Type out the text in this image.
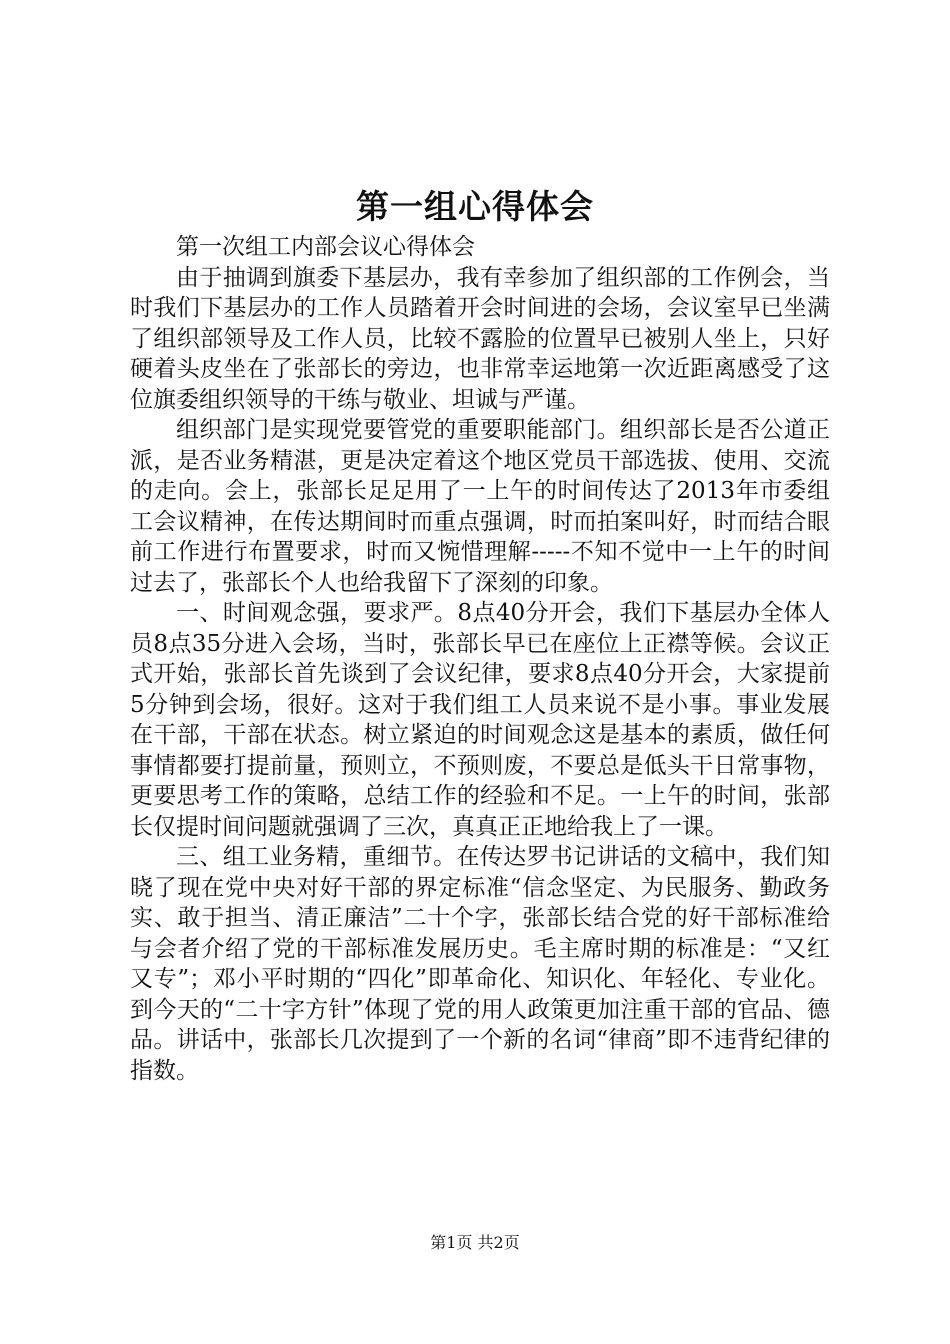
第一组心得体会

第一次组工内部会议心得体会

由于抽调到旗委下基层办，我有幸参加了组织部的工作例会，当时我们下基层办的工作人员踏着开会时间进的会场，会议室早已坐满了组织部领导及工作人员，比较不露脸的位置早已被别人坐上，只好硬着头皮坐在了张部长的旁边，也非常幸运地第一次近距离感受了这位旗委组织领导的干练与敬业、坦诚与严谨。

组织部门是实现党要管党的重要职能部门。组织部长是否公道正派，是否业务精湛，更是决定着这个地区党员干部选拔、使用、交流的走向。会上，张部长足足用了一上午的时间传达了2013年市委组工会议精神，在传达期间时而重点强调，时而拍案叫好，时而结合眼前工作进行布置要求，时而又惋惜理解-----不知不觉中一上午的时间过去了，张部长个人也给我留下了深刻的印象。

一、时间观念强，要求严。8点40分开会，我们下基层办全体人员8点35分进入会场，当时，张部长早已在座位上正襟等候。会议正式开始，张部长首先谈到了会议纪律，要求8点40分开会，大家提前5分钟到会场，很好。这对于我们组工人员来说不是小事。事业发展在干部，干部在状态。树立紧迫的时间观念这是基本的素质，做任何事情都要打提前量，预则立，不预则废，不要总是低头干日常事物，更要思考工作的策略，总结工作的经验和不足。一上午的时间，张部长仅提时间问题就强调了三次，真真正正地给我上了一课。

三、组工业务精，重细节。在传达罗书记讲话的文稿中，我们知晓了现在党中央对好干部的界定标准“信念坚定、为民服务、勤政务实、敢于担当、清正廉洁”二十个字，张部长结合党的好干部标准给与会者介绍了党的干部标准发展历史。毛主席时期的标准是：“又红又专”；邓小平时期的“四化”即革命化、知识化、年轻化、专业化。到今天的“二十字方针”体现了党的用人政策更加注重干部的官品、德品。讲话中，张部长几次提到了一个新的名词“律商”即不违背纪律的指数。

第1页 共2页
